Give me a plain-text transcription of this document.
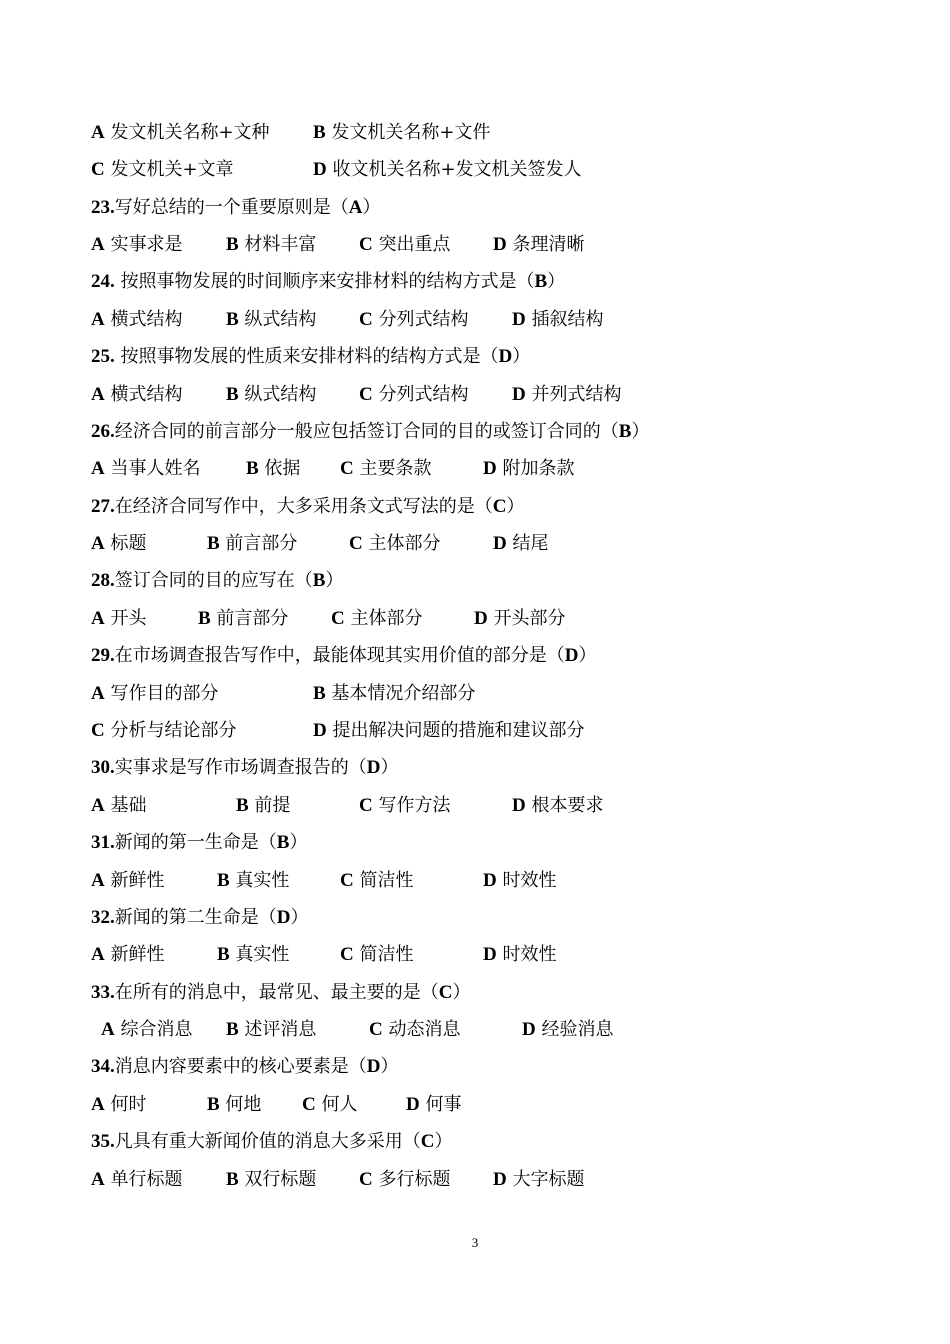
A 发文机关名称+文种 B 发文机关名称+文件
C 发文机关+文章	D 收文机关名称+发文机关签发人
23.写好总结的一个重要原则是（A）
A 实事求是 B 材料丰富 C 突出重点 D 条理清晰
24. 按照事物发展的时间顺序来安排材料的结构方式是（B）
A 横式结构 B 纵式结构 C 分列式结构 D 插叙结构
25. 按照事物发展的性质来安排材料的结构方式是（D）
A 横式结构 B 纵式结构 C 分列式结构 D 并列式结构
26.经济合同的前言部分一般应包括签订合同的目的或签订合同的（B）
A 当事人姓名 B 依据 C 主要条款	D 附加条款
27.在经济合同写作中，大多采用条文式写法的是（C）
A 标题	B 前言部分	C 主体部分	D 结尾
28.签订合同的目的应写在（B）
A 开头	B 前言部分 C 主体部分	D 开头部分
29.在市场调查报告写作中，最能体现其实用价值的部分是（D）
A 写作目的部分	B 基本情况介绍部分
C 分析与结论部分	D 提出解决问题的措施和建议部分
30.实事求是写作市场调查报告的（D）
A 基础	B 前提	C 写作方法	D 根本要求
31.新闻的第一生命是（B）
A 新鲜性	B 真实性	C 简洁性	D 时效性
32.新闻的第二生命是（D）
A 新鲜性	B 真实性	C 简洁性	D 时效性
33.在所有的消息中，最常见、最主要的是（C）
A 综合消息 B 述评消息	C 动态消息	D 经验消息
34.消息内容要素中的核心要素是（D）
A 何时	B 何地 C 何人	D 何事
35.凡具有重大新闻价值的消息大多采用（C）
A 单行标题 B 双行标题 C 多行标题 D 大字标题
3
